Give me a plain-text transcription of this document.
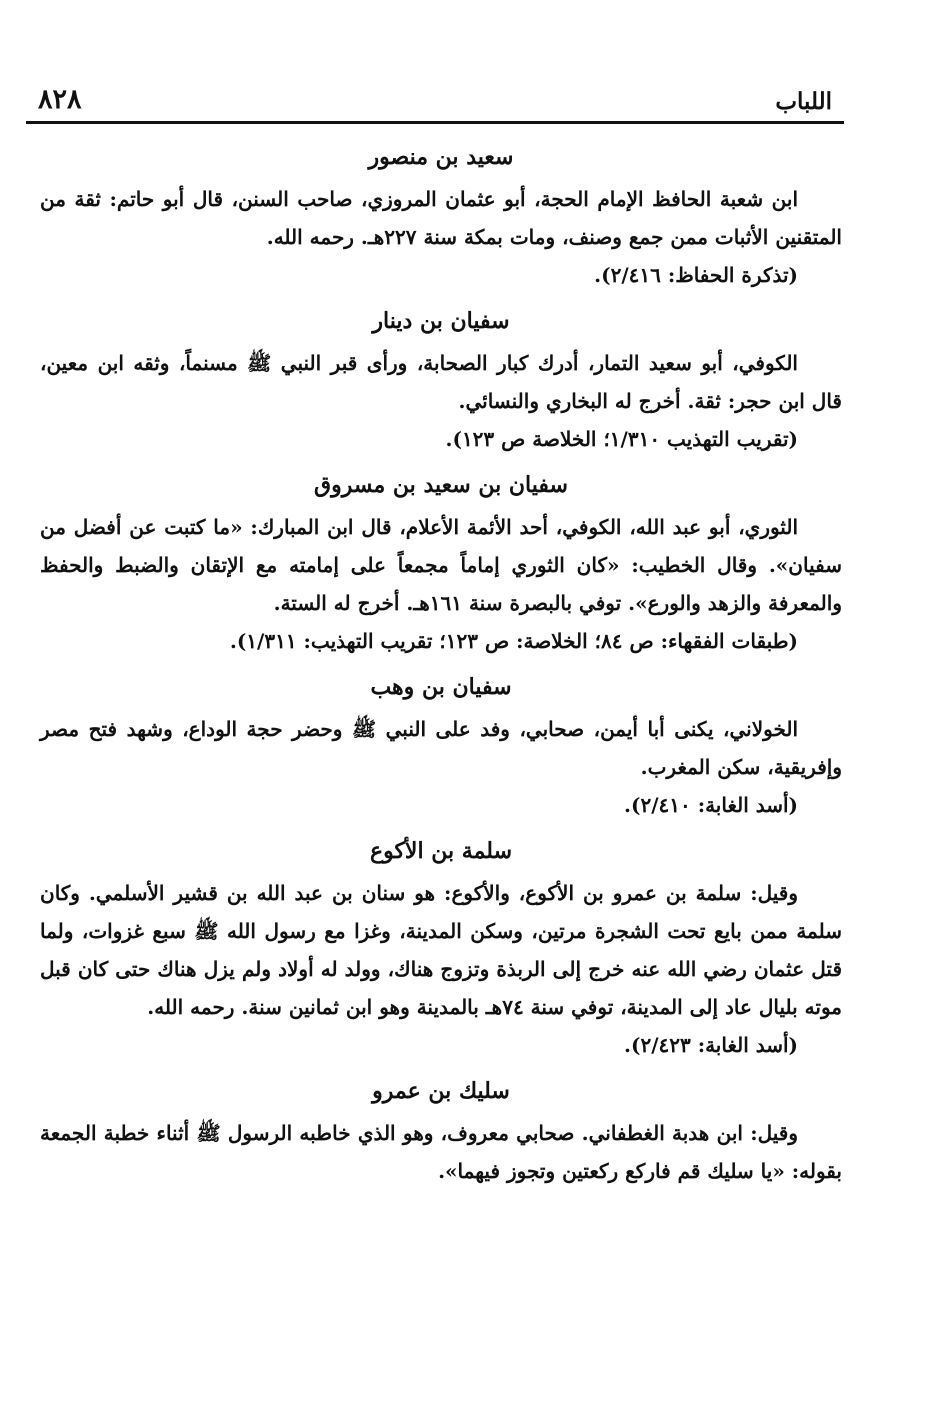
اللباب
٨٢٨
سعيد بن منصور

ابن شعبة الحافظ الإمام الحجة، أبو عثمان المروزي، صاحب السنن، قال أبو حاتم: ثقة من المتقنين الأثبات ممن جمع وصنف، ومات بمكة سنة ٢٢٧هـ. رحمه الله.

(تذكرة الحفاظ: ٢/٤١٦).

سفيان بن دينار

الكوفي، أبو سعيد التمار، أدرك كبار الصحابة، ورأى قبر النبي ﷺ مسنماً، وثقه ابن معين، قال ابن حجر: ثقة. أخرج له البخاري والنسائي.

(تقريب التهذيب ١/٣١٠؛ الخلاصة ص ١٢٣).

سفيان بن سعيد بن مسروق

الثوري، أبو عبد الله، الكوفي، أحد الأئمة الأعلام، قال ابن المبارك: «ما كتبت عن أفضل من سفيان». وقال الخطيب: «كان الثوري إماماً مجمعاً على إمامته مع الإتقان والضبط والحفظ والمعرفة والزهد والورع». توفي بالبصرة سنة ١٦١هـ. أخرج له الستة.

(طبقات الفقهاء: ص ٨٤؛ الخلاصة: ص ١٢٣؛ تقريب التهذيب: ١/٣١١).

سفيان بن وهب

الخولاني، يكنى أبا أيمن، صحابي، وفد على النبي ﷺ وحضر حجة الوداع، وشهد فتح مصر وإفريقية، سكن المغرب.

(أسد الغابة: ٢/٤١٠).

سلمة بن الأكوع

وقيل: سلمة بن عمرو بن الأكوع، والأكوع: هو سنان بن عبد الله بن قشير الأسلمي. وكان سلمة ممن بايع تحت الشجرة مرتين، وسكن المدينة، وغزا مع رسول الله ﷺ سبع غزوات، ولما قتل عثمان رضي الله عنه خرج إلى الربذة وتزوج هناك، وولد له أولاد ولم يزل هناك حتى كان قبل موته بليال عاد إلى المدينة، توفي سنة ٧٤هـ بالمدينة وهو ابن ثمانين سنة. رحمه الله.

(أسد الغابة: ٢/٤٢٣).

سليك بن عمرو

وقيل: ابن هدبة الغطفاني. صحابي معروف، وهو الذي خاطبه الرسول ﷺ أثناء خطبة الجمعة بقوله: «يا سليك قم فاركع ركعتين وتجوز فيهما».
